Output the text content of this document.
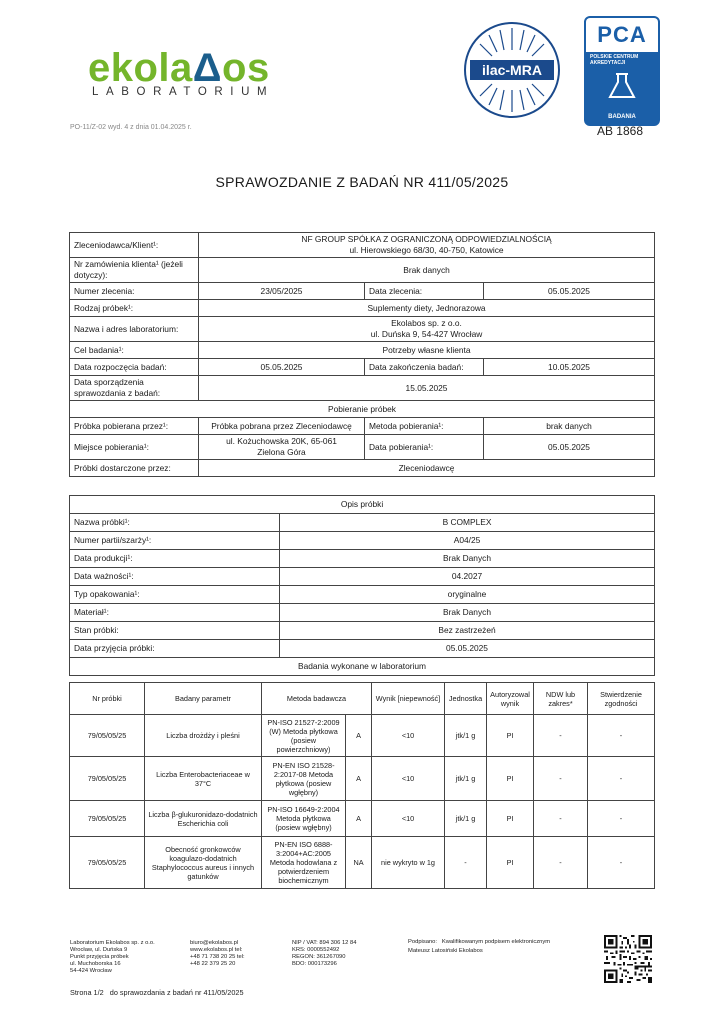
ekolaΔos
LABORATORIUM
PO-11/Z-02 wyd. 4 z dnia 01.04.2025 r.
ilac-MRA
PCA
POLSKIE CENTRUM AKREDYTACJI
BADANIA
AB 1868
SPRAWOZDANIE Z BADAŃ NR 411/05/2025
Zleceniodawca/Klient¹:	NF GROUP SPÓŁKA Z OGRANICZONĄ ODPOWIEDZIALNOŚCIĄ
ul. Hierowskiego 68/30, 40-750, Katowice		

Nr zamówienia klienta¹ (jeżeli dotyczy):	Brak danych		
Numer zlecenia:	23/05/2025	Data zlecenia:	05.05.2025
Rodzaj próbek¹:	Suplementy diety, Jednorazowa		
Nazwa i adres laboratorium:	Ekolabos sp. z o.o.
ul. Duńska 9, 54-427 Wrocław		

Cel badania¹:	Potrzeby własne klienta		
Data rozpoczęcia badań:	05.05.2025	Data zakończenia badań:	10.05.2025
Data sporządzenia sprawozdania z badań:	15.05.2025		
Pobieranie próbek			
Próbka pobierana przez¹:	Próbka pobrana przez Zleceniodawcę	Metoda pobierania¹:	brak danych
Miejsce pobierania¹:	ul. Kożuchowska 20K, 65-061
Zielona Góra	Data pobierania¹:	05.05.2025
Próbki dostarczone przez:	Zleceniodawcę		
Opis próbki	
Nazwa próbki¹:	B COMPLEX
Numer partii/szarży¹:	A04/25
Data produkcji¹:	Brak Danych
Data ważności¹:	04.2027
Typ opakowania¹:	oryginalne
Materiał¹:	Brak Danych
Stan próbki:	Bez zastrzeżeń
Data przyjęcia próbki:	05.05.2025
Badania wykonane w laboratorium	
Nr próbki	Badany parametr	Metoda badawcza		Wynik [niepewność]	Jednostka	Autoryzowal wynik	NDW lub zakres*	Stwierdzenie zgodności
79/05/05/25	Liczba drożdży i pleśni	PN-ISO 21527-2:2009 (W) Metoda płytkowa (posiew powierzchniowy)	A	<10	jtk/1 g	PI	-	-
79/05/05/25	Liczba Enterobacteriaceae w 37°C	PN-EN ISO 21528-2:2017-08 Metoda płytkowa (posiew wgłębny)	A	<10	jtk/1 g	PI	-	-
79/05/05/25	Liczba β-glukuronidazo-dodatnich Escherichia coli	PN-ISO 16649-2:2004 Metoda płytkowa (posiew wgłębny)	A	<10	jtk/1 g	PI	-	-
79/05/05/25	Obecność gronkowców koagulazo-dodatnich Staphylococcus aureus i innych gatunków	PN-EN ISO 6888-3:2004+AC:2005 Metoda hodowlana z potwierdzeniem biochemicznym	NA	nie wykryto w 1g	-	PI	-	-
Laboratorium Ekolabos sp. z o.o.
Wrocław, ul. Duńska 9
Punkt przyjęcia próbek
ul. Muchoborska 16
54-424 Wrocław
biuro@ekolabos.pl
www.ekolabos.pl tel:
+48 71 738 20 25 tel:
+48 22 379 25 20
NIP / VAT: 894 306 12 84
KRS: 0000552492
REGON: 361267090
BDO: 000173296
Podpisano: Kwalifikowanym podpisem elektronicznym
Mateusz Latosiński Ekolabos
Strona 1/2 do sprawozdania z badań nr 411/05/2025
